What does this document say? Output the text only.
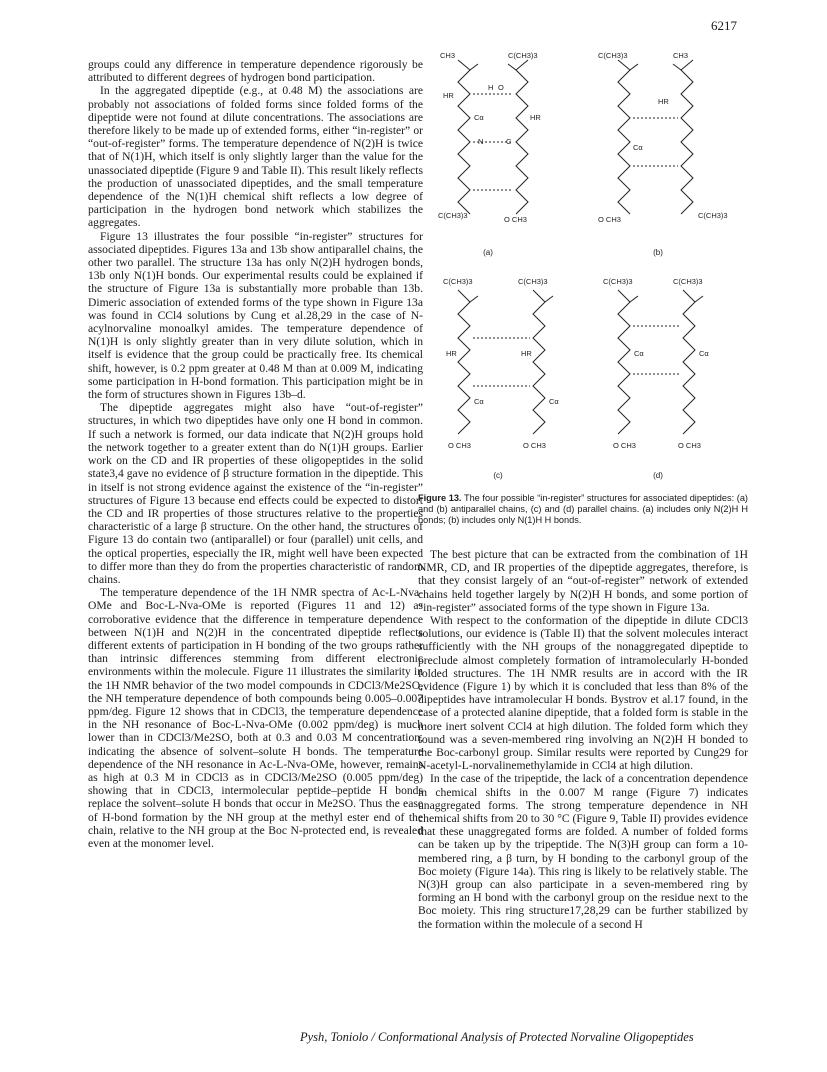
6217

groups could any difference in temperature dependence rigorously be attributed to different degrees of hydrogen bond participation.

In the aggregated dipeptide (e.g., at 0.48 M) the associations are probably not associations of folded forms since folded forms of the dipeptide were not found at dilute concentrations. The associations are therefore likely to be made up of extended forms, either “in-register” or “out-of-register” forms. The temperature dependence of N(2)H is twice that of N(1)H, which itself is only slightly larger than the value for the unassociated dipeptide (Figure 9 and Table II). This result likely reflects the production of unassociated dipeptides, and the small temperature dependence of the N(1)H chemical shift reflects a low degree of participation in the hydrogen bond network which stabilizes the aggregates.

Figure 13 illustrates the four possible “in-register” structures for associated dipeptides. Figures 13a and 13b show antiparallel chains, the other two parallel. The structure 13a has only N(2)H hydrogen bonds, 13b only N(1)H bonds. Our experimental results could be explained if the structure of Figure 13a is substantially more probable than 13b. Dimeric association of extended forms of the type shown in Figure 13a was found in CCl4 solutions by Cung et al.28,29 in the case of N-acylnorvaline monoalkyl amides. The temperature dependence of N(1)H is only slightly greater than in very dilute solution, which in itself is evidence that the group could be practically free. Its chemical shift, however, is 0.2 ppm greater at 0.48 M than at 0.009 M, indicating some participation in H-bond formation. This participation might be in the form of structures shown in Figures 13b–d.

The dipeptide aggregates might also have “out-of-register” structures, in which two dipeptides have only one H bond in common. If such a network is formed, our data indicate that N(2)H groups hold the network together to a greater extent than do N(1)H groups. Earlier work on the CD and IR properties of these oligopeptides in the solid state3,4 gave no evidence of β structure formation in the dipeptide. This in itself is not strong evidence against the existence of the “in-register” structures of Figure 13 because end effects could be expected to distort the CD and IR properties of those structures relative to the properties characteristic of a large β structure. On the other hand, the structures of Figure 13 do contain two (antiparallel) or four (parallel) unit cells, and the optical properties, especially the IR, might well have been expected to differ more than they do from the properties characteristic of random chains.

The temperature dependence of the 1H NMR spectra of Ac-L-Nva-OMe and Boc-L-Nva-OMe is reported (Figures 11 and 12) as corroborative evidence that the difference in temperature dependence between N(1)H and N(2)H in the concentrated dipeptide reflects different extents of participation in H bonding of the two groups rather than intrinsic differences stemming from different electronic environments within the molecule. Figure 11 illustrates the similarity in the 1H NMR behavior of the two model compounds in CDCl3/Me2SO, the NH temperature dependence of both compounds being 0.005–0.007 ppm/deg. Figure 12 shows that in CDCl3, the temperature dependence in the NH resonance of Boc-L-Nva-OMe (0.002 ppm/deg) is much lower than in CDCl3/Me2SO, both at 0.3 and 0.03 M concentration, indicating the absence of solvent–solute H bonds. The temperature dependence of the NH resonance in Ac-L-Nva-OMe, however, remains as high at 0.3 M in CDCl3 as in CDCl3/Me2SO (0.005 ppm/deg) showing that in CDCl3, intermolecular peptide–peptide H bonds replace the solvent–solute H bonds that occur in Me2SO. Thus the ease of H-bond formation by the NH group at the methyl ester end of the chain, relative to the NH group at the Boc N-protected end, is revealed even at the monomer level.

CH3	C(CH3)3	C(CH3)3	CH3
HR
H O
Cα	HR
N	C
C(CH3)3	O CH3
HR
Cα
O CH3	C(CH3)3
(a)	(b)
C(CH3)3	C(CH3)3	C(CH3)3	C(CH3)3
HR	HR
Cα	Cα
Cα	Cα
O CH3	O CH3	O CH3	O CH3
(c)	(d)
Figure 13. The four possible “in-register” structures for associated dipeptides: (a) and (b) antiparallel chains, (c) and (d) parallel chains. (a) includes only N(2)H H bonds; (b) includes only N(1)H H bonds.

The best picture that can be extracted from the combination of 1H NMR, CD, and IR properties of the dipeptide aggregates, therefore, is that they consist largely of an “out-of-register” network of extended chains held together largely by N(2)H H bonds, and some portion of “in-register” associated forms of the type shown in Figure 13a.

With respect to the conformation of the dipeptide in dilute CDCl3 solutions, our evidence is (Table II) that the solvent molecules interact sufficiently with the NH groups of the nonaggregated dipeptide to preclude almost completely formation of intramolecularly H-bonded folded structures. The 1H NMR results are in accord with the IR evidence (Figure 1) by which it is concluded that less than 8% of the dipeptides have intramolecular H bonds. Bystrov et al.17 found, in the case of a protected alanine dipeptide, that a folded form is stable in the more inert solvent CCl4 at high dilution. The folded form which they found was a seven-membered ring involving an N(2)H H bonded to the Boc-carbonyl group. Similar results were reported by Cung29 for N-acetyl-L-norvalinemethylamide in CCl4 at high dilution.

In the case of the tripeptide, the lack of a concentration dependence in chemical shifts in the 0.007 M range (Figure 7) indicates unaggregated forms. The strong temperature dependence in NH chemical shifts from 20 to 30 °C (Figure 9, Table II) provides evidence that these unaggregated forms are folded. A number of folded forms can be taken up by the tripeptide. The N(3)H group can form a 10-membered ring, a β turn, by H bonding to the carbonyl group of the Boc moiety (Figure 14a). This ring is likely to be relatively stable. The N(3)H group can also participate in a seven-membered ring by forming an H bond with the carbonyl group on the residue next to the Boc moiety. This ring structure17,28,29 can be further stabilized by the formation within the molecule of a second H

Pysh, Toniolo / Conformational Analysis of Protected Norvaline Oligopeptides
